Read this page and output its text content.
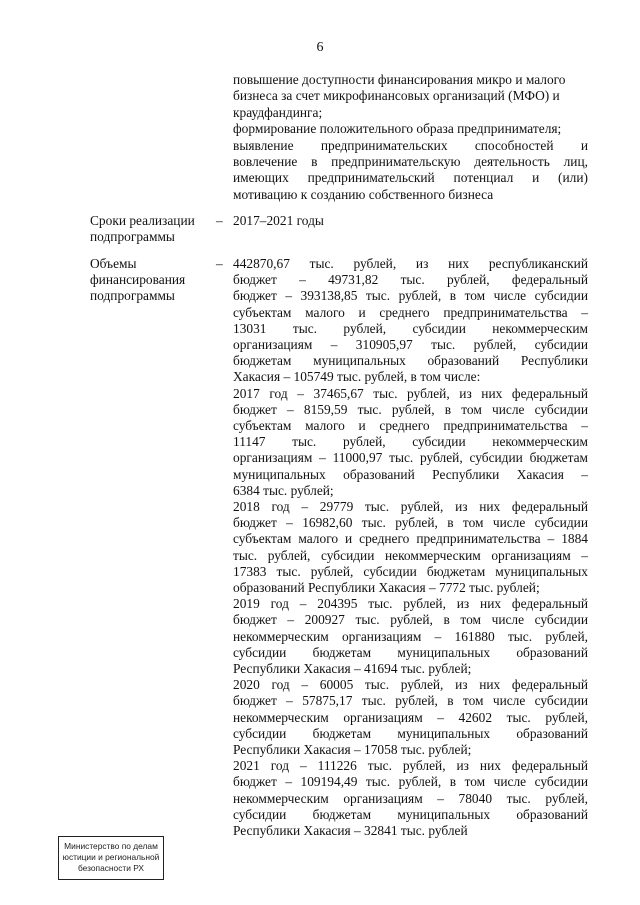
6
повышение доступности финансирования микро и малого
бизнеса за счет микрофинансовых организаций (МФО) и
краудфандинга;
формирование положительного образа предпринимателя;
выявление предпринимательских способностей и
вовлечение в предпринимательскую деятельность лиц,
имеющих предпринимательский потенциал и (или)
мотивацию к созданию собственного бизнеса
Сроки реализации
подпрограммы
– 2017–2021 годы
Объемы
финансирования
подпрограммы
– 442870,67 тыс. рублей, из них республиканский
бюджет – 49731,82 тыс. рублей, федеральный
бюджет – 393138,85 тыс. рублей, в том числе субсидии
субъектам малого и среднего предпринимательства –
13031 тыс. рублей, субсидии некоммерческим
организациям – 310905,97 тыс. рублей, субсидии
бюджетам муниципальных образований Республики
Хакасия – 105749 тыс. рублей, в том числе:
2017 год – 37465,67 тыс. рублей, из них федеральный
бюджет – 8159,59 тыс. рублей, в том числе субсидии
субъектам малого и среднего предпринимательства –
11147 тыс. рублей, субсидии некоммерческим
организациям – 11000,97 тыс. рублей, субсидии бюджетам
муниципальных образований Республики Хакасия –
6384 тыс. рублей;
2018 год – 29779 тыс. рублей, из них федеральный
бюджет – 16982,60 тыс. рублей, в том числе субсидии
субъектам малого и среднего предпринимательства – 1884
тыс. рублей, субсидии некоммерческим организациям –
17383 тыс. рублей, субсидии бюджетам муниципальных
образований Республики Хакасия – 7772 тыс. рублей;
2019 год – 204395 тыс. рублей, из них федеральный
бюджет – 200927 тыс. рублей, в том числе субсидии
некоммерческим организациям – 161880 тыс. рублей,
субсидии бюджетам муниципальных образований
Республики Хакасия – 41694 тыс. рублей;
2020 год – 60005 тыс. рублей, из них федеральный
бюджет – 57875,17 тыс. рублей, в том числе субсидии
некоммерческим организациям – 42602 тыс. рублей,
субсидии бюджетам муниципальных образований
Республики Хакасия – 17058 тыс. рублей;
2021 год – 111226 тыс. рублей, из них федеральный
бюджет – 109194,49 тыс. рублей, в том числе субсидии
некоммерческим организациям – 78040 тыс. рублей,
субсидии бюджетам муниципальных образований
Республики Хакасия – 32841 тыс. рублей
Министерство по делам
юстиции и региональной
безопасности РХ
